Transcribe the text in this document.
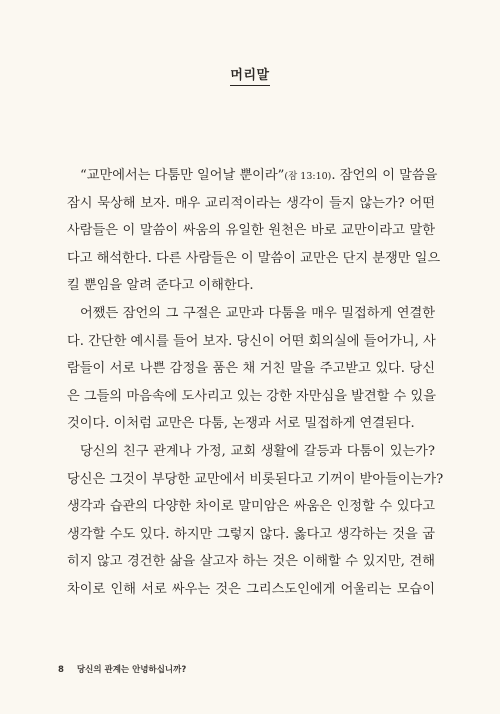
머리말
“교만에서는 다툼만 일어날 뿐이라”(잠 13:10). 잠언의 이 말씀을
잠시 묵상해 보자. 매우 교리적이라는 생각이 들지 않는가? 어떤
사람들은 이 말씀이 싸움의 유일한 원천은 바로 교만이라고 말한
다고 해석한다. 다른 사람들은 이 말씀이 교만은 단지 분쟁만 일으
킬 뿐임을 알려 준다고 이해한다.
어쨌든 잠언의 그 구절은 교만과 다툼을 매우 밀접하게 연결한
다. 간단한 예시를 들어 보자. 당신이 어떤 회의실에 들어가니, 사
람들이 서로 나쁜 감정을 품은 채 거친 말을 주고받고 있다. 당신
은 그들의 마음속에 도사리고 있는 강한 자만심을 발견할 수 있을
것이다. 이처럼 교만은 다툼, 논쟁과 서로 밀접하게 연결된다.
당신의 친구 관계나 가정, 교회 생활에 갈등과 다툼이 있는가?
당신은 그것이 부당한 교만에서 비롯된다고 기꺼이 받아들이는가?
생각과 습관의 다양한 차이로 말미암은 싸움은 인정할 수 있다고
생각할 수도 있다. 하지만 그렇지 않다. 옳다고 생각하는 것을 굽
히지 않고 경건한 삶을 살고자 하는 것은 이해할 수 있지만, 견해
차이로 인해 서로 싸우는 것은 그리스도인에게 어울리는 모습이
8 당신의 관계는 안녕하십니까?
